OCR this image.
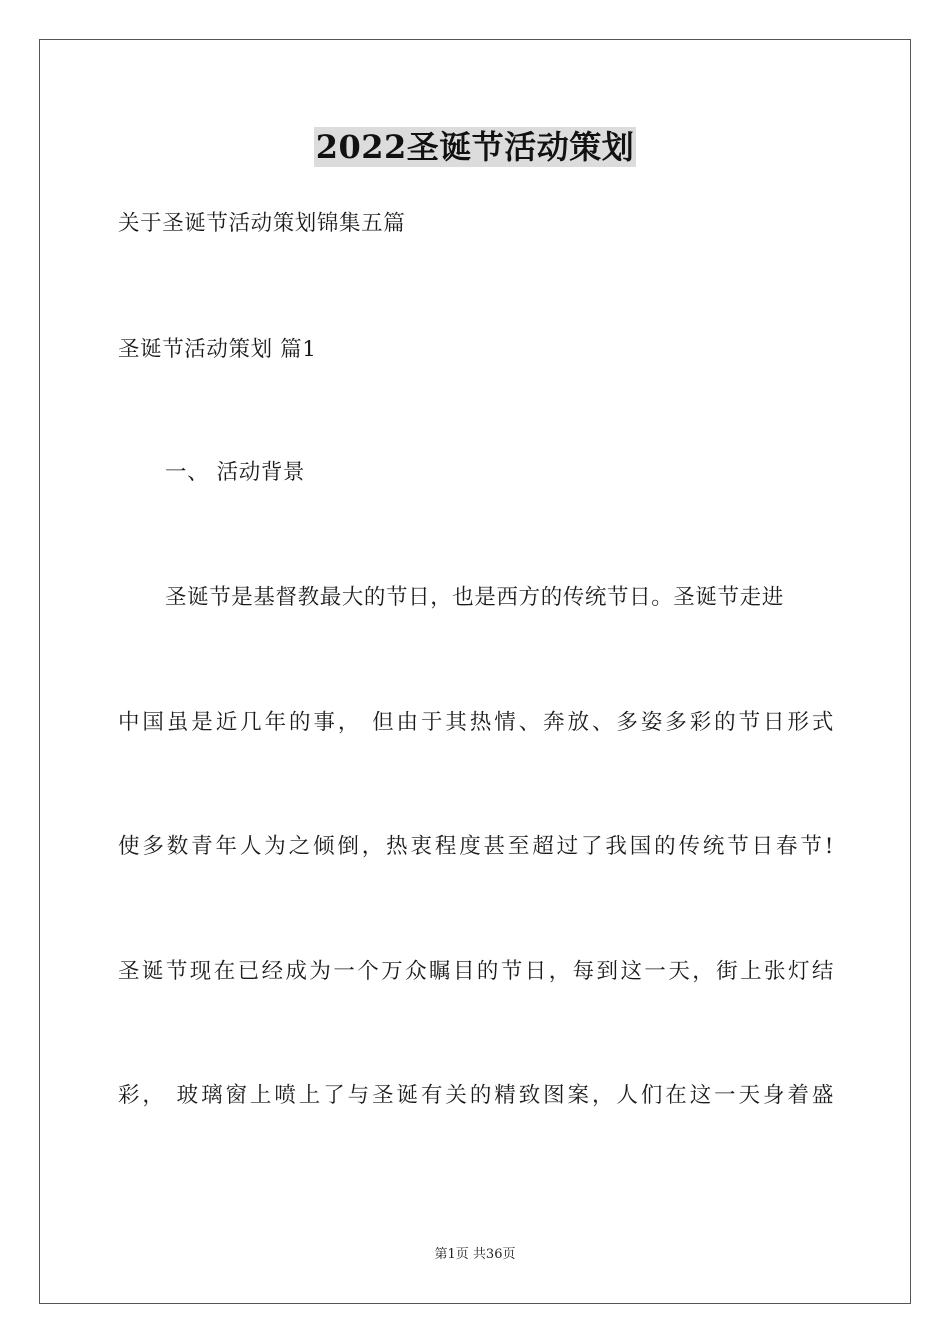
2022圣诞节活动策划
关于圣诞节活动策划锦集五篇
圣诞节活动策划 篇1
一、 活动背景
圣诞节是基督教最大的节日，也是西方的传统节日。圣诞节走进
中国虽是近几年的事， 但由于其热情、奔放、多姿多彩的节日形式
使多数青年人为之倾倒，热衷程度甚至超过了我国的传统节日春节!
圣诞节现在已经成为一个万众瞩目的节日，每到这一天，街上张灯结
彩， 玻璃窗上喷上了与圣诞有关的精致图案，人们在这一天身着盛
第1页 共36页
